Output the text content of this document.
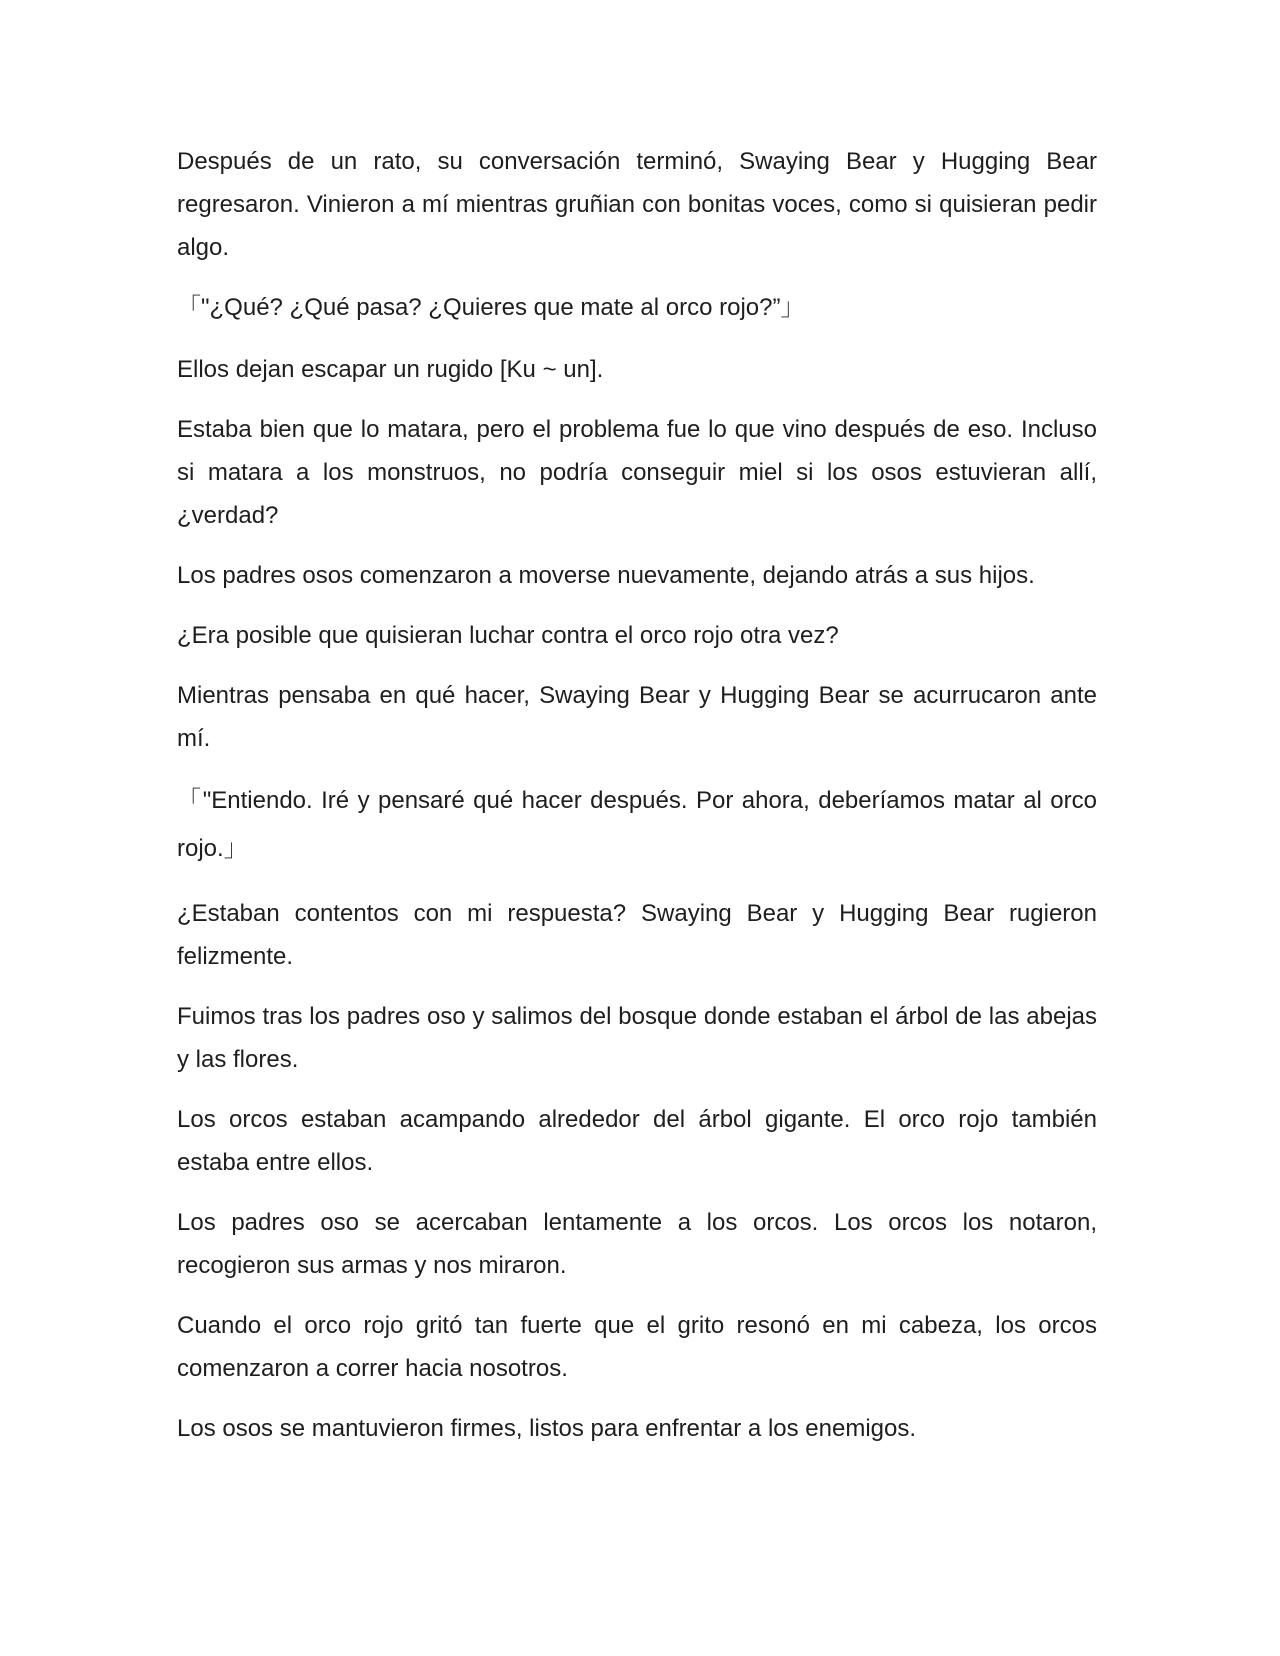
Después de un rato, su conversación terminó, Swaying Bear y Hugging Bear regresaron. Vinieron a mí mientras gruñian con bonitas voces, como si quisieran pedir algo.

「"¿Qué? ¿Qué pasa? ¿Quieres que mate al orco rojo?”」

Ellos dejan escapar un rugido [Ku ~ un].

Estaba bien que lo matara, pero el problema fue lo que vino después de eso. Incluso si matara a los monstruos, no podría conseguir miel si los osos estuvieran allí, ¿verdad?

Los padres osos comenzaron a moverse nuevamente, dejando atrás a sus hijos.

¿Era posible que quisieran luchar contra el orco rojo otra vez?

Mientras pensaba en qué hacer, Swaying Bear y Hugging Bear se acurrucaron ante mí.

「"Entiendo. Iré y pensaré qué hacer después. Por ahora, deberíamos matar al orco rojo.」

¿Estaban contentos con mi respuesta? Swaying Bear y Hugging Bear rugieron felizmente.

Fuimos tras los padres oso y salimos del bosque donde estaban el árbol de las abejas y las flores.

Los orcos estaban acampando alrededor del árbol gigante. El orco rojo también estaba entre ellos.

Los padres oso se acercaban lentamente a los orcos. Los orcos los notaron, recogieron sus armas y nos miraron.

Cuando el orco rojo gritó tan fuerte que el grito resonó en mi cabeza, los orcos comenzaron a correr hacia nosotros.

Los osos se mantuvieron firmes, listos para enfrentar a los enemigos.
